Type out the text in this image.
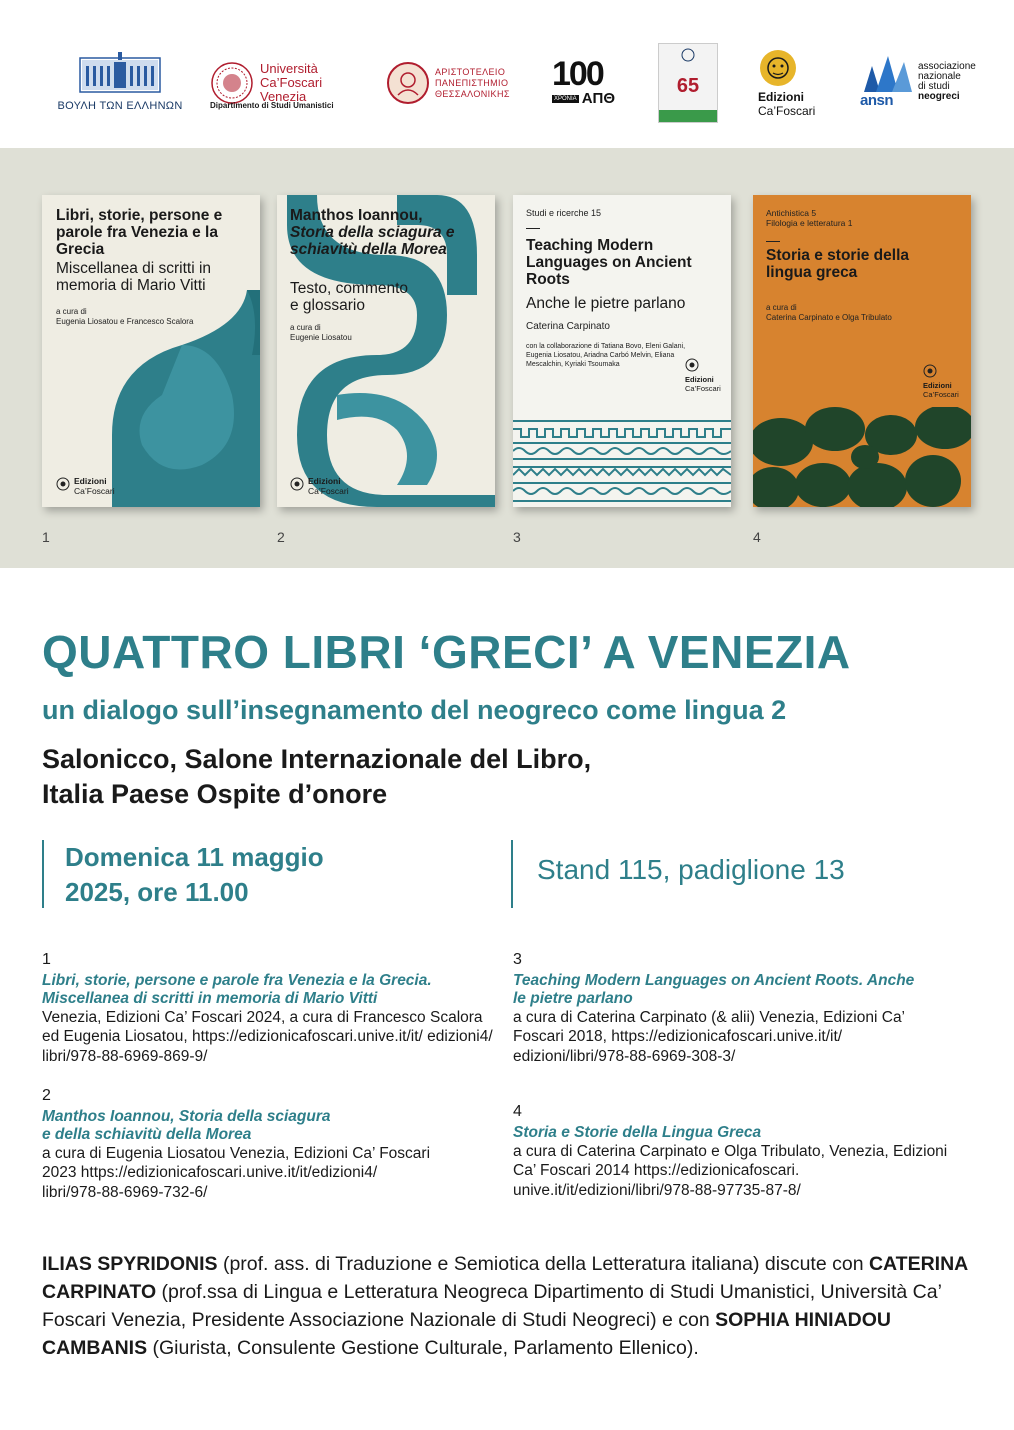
ΒΟΥΛΗ ΤΩΝ ΕΛΛΗΝΩΝ
Università
Ca’Foscari
Venezia
Dipartimento di Studi Umanistici
ΑΡΙΣΤΟΤΕΛΕΙΟ
ΠΑΝΕΠΙΣΤΗΜΙΟ
ΘΕΣΣΑΛΟΝΙΚΗΣ
100
ΧΡΟΝΙΑ ΑΠΘ
65
Edizioni
Ca’Foscari
ansn
associazione
nazionale
di studi
neogreci
Libri, storie, persone e parole fra Venezia e la Grecia
Miscellanea di scritti in memoria di Mario Vitti
a cura di
Eugenia Liosatou e Francesco Scalora
Edizioni
Ca’Foscari
1
Manthos Ioannou,
Storia della sciagura e schiavitù della Morea
Testo, commento e glossario
a cura di
Eugenie Liosatou
Edizioni
Ca’Foscari
2
Studi e ricerche 15
Teaching Modern Languages on Ancient Roots
Anche le pietre parlano
Caterina Carpinato
con la collaborazione di Tatiana Bovo, Eleni Galani, Eugenia Liosatou, Ariadna Carbó Melvin, Eliana Mescalchin, Kyriaki Tsoumaka
Edizioni
Ca’Foscari
3
Antichistica 5
Filologia e letteratura 1
Storia e storie della lingua greca
a cura di
Caterina Carpinato e Olga Tribulato
Edizioni
Ca’Foscari
4
QUATTRO LIBRI ‘GRECI’ A VENEZIA
un dialogo sull’insegnamento del neogreco come lingua 2
Salonicco, Salone Internazionale del Libro,
Italia Paese Ospite d’onore
Domenica 11 maggio
2025, ore 11.00
Stand 115, padiglione 13
1
Libri, storie, persone e parole fra Venezia e la Grecia. Miscellanea di scritti in memoria di Mario Vitti
Venezia, Edizioni Ca’ Foscari 2024, a cura di Francesco Scalora ed Eugenia Liosatou, https://edizionicafoscari.unive.it/it/ edizioni4/ libri/978-88-6969-869-9/
2
Manthos Ioannou, Storia della sciagura e della schiavitù della Morea
a cura di Eugenia Liosatou Venezia, Edizioni Ca’ Foscari 2023 https://edizionicafoscari.unive.it/it/edizioni4/ libri/978-88-6969-732-6/
3
Teaching Modern Languages on Ancient Roots. Anche le pietre parlano
a cura di Caterina Carpinato (& alii) Venezia, Edizioni Ca’ Foscari 2018, https://edizionicafoscari.unive.it/it/ edizioni/libri/978-88-6969-308-3/
4
Storia e Storie della Lingua Greca
a cura di Caterina Carpinato e Olga Tribulato, Venezia, Edizioni Ca’ Foscari 2014 https://edizionicafoscari. unive.it/it/edizioni/libri/978-88-97735-87-8/

ILIAS SPYRIDONIS (prof. ass. di Traduzione e Semiotica della Letteratura italiana) discute con CATERINA CARPINATO (prof.ssa di Lingua e Letteratura Neogreca Dipartimento di Studi Umanistici, Università Ca’ Foscari Venezia, Presidente Associazione Nazionale di Studi Neogreci) e con SOPHIA HINIADOU CAMBANIS (Giurista, Consulente Gestione Culturale, Parlamento Ellenico).
